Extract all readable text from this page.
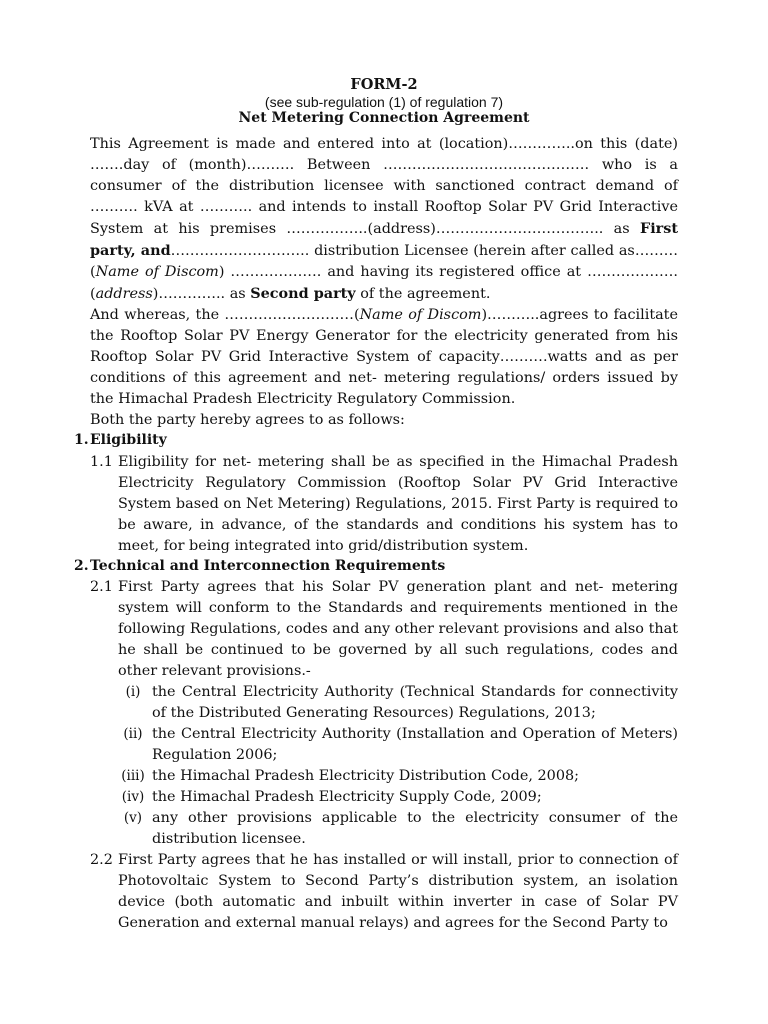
FORM-2
(see sub-regulation (1) of regulation 7)
Net Metering Connection Agreement

This Agreement is made and entered into at (location)…………..on this (date) …….day of (month)………. Between ……………………………………. who is a consumer of the distribution licensee with sanctioned contract demand of ………. kVA at ……….. and intends to install Rooftop Solar PV Grid Interactive System at his premises ……………..(address)…………………………….. as First party, and……………………….. distribution Licensee (herein after called as……… (Name of Discom) ………………. and having its registered office at ……………….(address)………….. as Second party of the agreement.

And whereas, the ………………………(Name of Discom)………..agrees to facilitate the Rooftop Solar PV Energy Generator for the electricity generated from his Rooftop Solar PV Grid Interactive System of capacity……….watts and as per conditions of this agreement and net- metering regulations/ orders issued by the Himachal Pradesh Electricity Regulatory Commission.

Both the party hereby agrees to as follows:

1.Eligibility
1.1 Eligibility for net- metering shall be as specified in the Himachal Pradesh Electricity Regulatory Commission (Rooftop Solar PV Grid Interactive System based on Net Metering) Regulations, 2015. First Party is required to be aware, in advance, of the standards and conditions his system has to meet, for being integrated into grid/distribution system.
2.Technical and Interconnection Requirements
2.1 First Party agrees that his Solar PV generation plant and net- metering system will conform to the Standards and requirements mentioned in the following Regulations, codes and any other relevant provisions and also that he shall be continued to be governed by all such regulations, codes and other relevant provisions.-
(i) the Central Electricity Authority (Technical Standards for connectivity of the Distributed Generating Resources) Regulations, 2013;
(ii) the Central Electricity Authority (Installation and Operation of Meters) Regulation 2006;
(iii) the Himachal Pradesh Electricity Distribution Code, 2008;
(iv) the Himachal Pradesh Electricity Supply Code, 2009;
(v) any other provisions applicable to the electricity consumer of the distribution licensee.
2.2 First Party agrees that he has installed or will install, prior to connection of Photovoltaic System to Second Party’s distribution system, an isolation device (both automatic and inbuilt within inverter in case of Solar PV Generation and external manual relays) and agrees for the Second Party to
